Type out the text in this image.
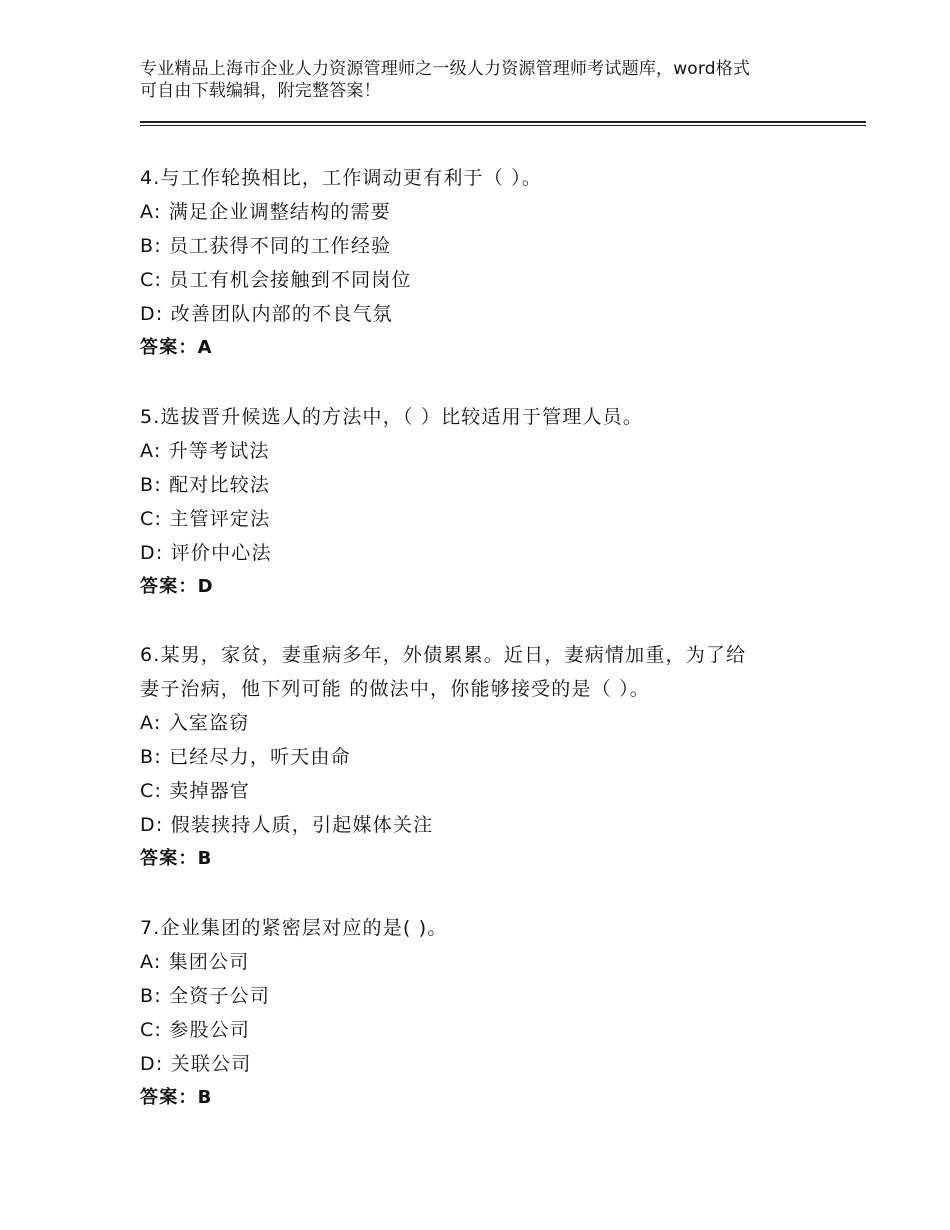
专业精品上海市企业人力资源管理师之一级人力资源管理师考试题库，word格式
可自由下载编辑，附完整答案！
4.与工作轮换相比，工作调动更有利于（ ）。
A: 满足企业调整结构的需要
B: 员工获得不同的工作经验
C: 员工有机会接触到不同岗位
D: 改善团队内部的不良气氛
答案：A
5.选拔晋升候选人的方法中，（ ）比较适用于管理人员。
A: 升等考试法
B: 配对比较法
C: 主管评定法
D: 评价中心法
答案：D
6.某男，家贫，妻重病多年，外债累累。近日，妻病情加重，为了给
妻子治病，他下列可能 的做法中，你能够接受的是（ ）。
A: 入室盗窃
B: 已经尽力，听天由命
C: 卖掉器官
D: 假装挟持人质，引起媒体关注
答案：B
7.企业集团的紧密层对应的是( )。
A: 集团公司
B: 全资子公司
C: 参股公司
D: 关联公司
答案：B
